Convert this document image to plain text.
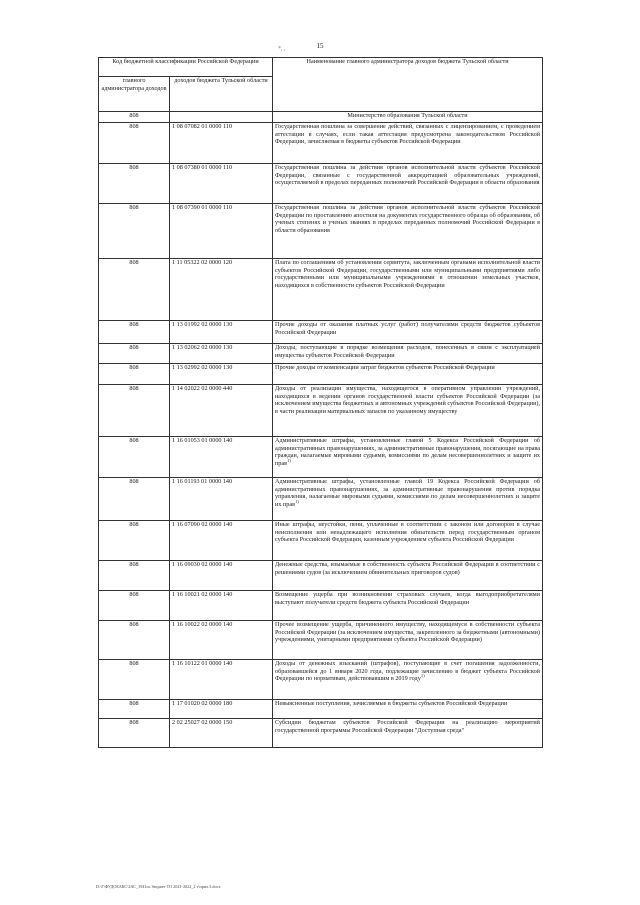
15
*, ,
Код бюджетной классификации Российской Федерации		Наименование главного администратора доходов бюджета Тульской области
главного администратора доходов	доходов бюджета Тульской области	
808		Министерство образования Тульской области
808	1 08 07082 01 0000 110	Государственная пошлина за совершение действий, связанных с лицензированием, с проведением аттестации в случаях, если такая аттестация предусмотрена законодательством Российской Федерации, зачисляемая в бюджеты субъектов Российской Федерации
808	1 08 07380 01 0000 110	Государственная пошлина за действия органов исполнительной власти субъектов Российской Федерации, связанные с государственной аккредитацией образовательных учреждений, осуществляемой в пределах переданных полномочий Российской Федерации в области образования
808	1 08 07390 01 0000 110	Государственная пошлина за действия органов исполнительной власти субъектов Российской Федерации по проставлению апостиля на документах государственного образца об образовании, об ученых степенях и ученых званиях в пределах переданных полномочий Российской Федерации в области образования
808	1 11 05322 02 0000 120	Плата по соглашениям об установлении сервитута, заключенным органами исполнительной власти субъектов Российской Федерации, государственными или муниципальными предприятиями либо государственными или муниципальными учреждениями в отношении земельных участков, находящихся в собственности субъектов Российской Федерации
808	1 13 01992 02 0000 130	Прочие доходы от оказания платных услуг (работ) получателями средств бюджетов субъектов Российской Федерации
808	1 13 02062 02 0000 130	Доходы, поступающие в порядке возмещения расходов, понесенных в связи с эксплуатацией имущества субъектов Российской Федерации
808	1 13 02992 02 0000 130	Прочие доходы от компенсации затрат бюджетов субъектов Российской Федерации
808	1 14 02022 02 0000 440	Доходы от реализации имущества, находящегося в оперативном управлении учреждений, находящихся в ведении органов государственной власти субъектов Российской Федерации (за исключением имущества бюджетных и автономных учреждений субъектов Российской Федерации), в части реализации материальных запасов по указанному имуществу
808	1 16 01053 01 0000 140	Административные штрафы, установленные главой 5 Кодекса Российской Федерации об административных правонарушениях, за административные правонарушения, посягающие на права граждан, налагаемые мировыми судьями, комиссиями по делам несовершеннолетних и защите их прав$^{1)}$
808	1 16 01193 01 0000 140	Административные штрафы, установленные главой 19 Кодекса Российской Федерации об административных правонарушениях, за административные правонарушения против порядка управления, налагаемые мировыми судьями, комиссиями по делам несовершеннолетних и защите их прав$^{1)}$
808	1 16 07090 02 0000 140	Иные штрафы, неустойки, пени, уплаченные в соответствии с законом или договором в случае неисполнения или ненадлежащего исполнения обязательств перед государственным органом субъекта Российской Федерации, казенным учреждением субъекта Российской Федерации
808	1 16 09030 02 0000 140	Денежные средства, изымаемые в собственность субъекта Российской Федерации в соответствии с решениями судов (за исключением обвинительных приговоров судов)
808	1 16 10021 02 0000 140	Возмещение ущерба при возникновении страховых случаев, когда выгодоприобретателями выступают получатели средств бюджета субъекта Российской Федерации
808	1 16 10022 02 0000 140	Прочее возмещение ущерба, причиненного имуществу, находящемуся в собственности субъекта Российской Федерации (за исключением имущества, закрепленного за бюджетными (автономными) учреждениями, унитарными предприятиями субъекта Российской Федерации)
808	1 16 10122 01 0000 140	Доходы от денежных взысканий (штрафов), поступающие в счет погашения задолженности, образовавшейся до 1 января 2020 года, подлежащие зачислению в бюджет субъекта Российской Федерации по нормативам, действовавшим в 2019 году$^{1)}$
808	1 17 01020 02 0000 180	Невыясненные поступления, зачисляемые в бюджеты субъектов Российской Федерации
808	2 02 25027 02 0000 150	Субсидии бюджетам субъектов Российской Федерации на реализацию мероприятий государственной программы Российской Федерации "Доступная среда"
D:\Г\ФУДОБАКС\ЗАС_1941ш. бюджет ТО 2021-2022_2 т\прил.3.docx
